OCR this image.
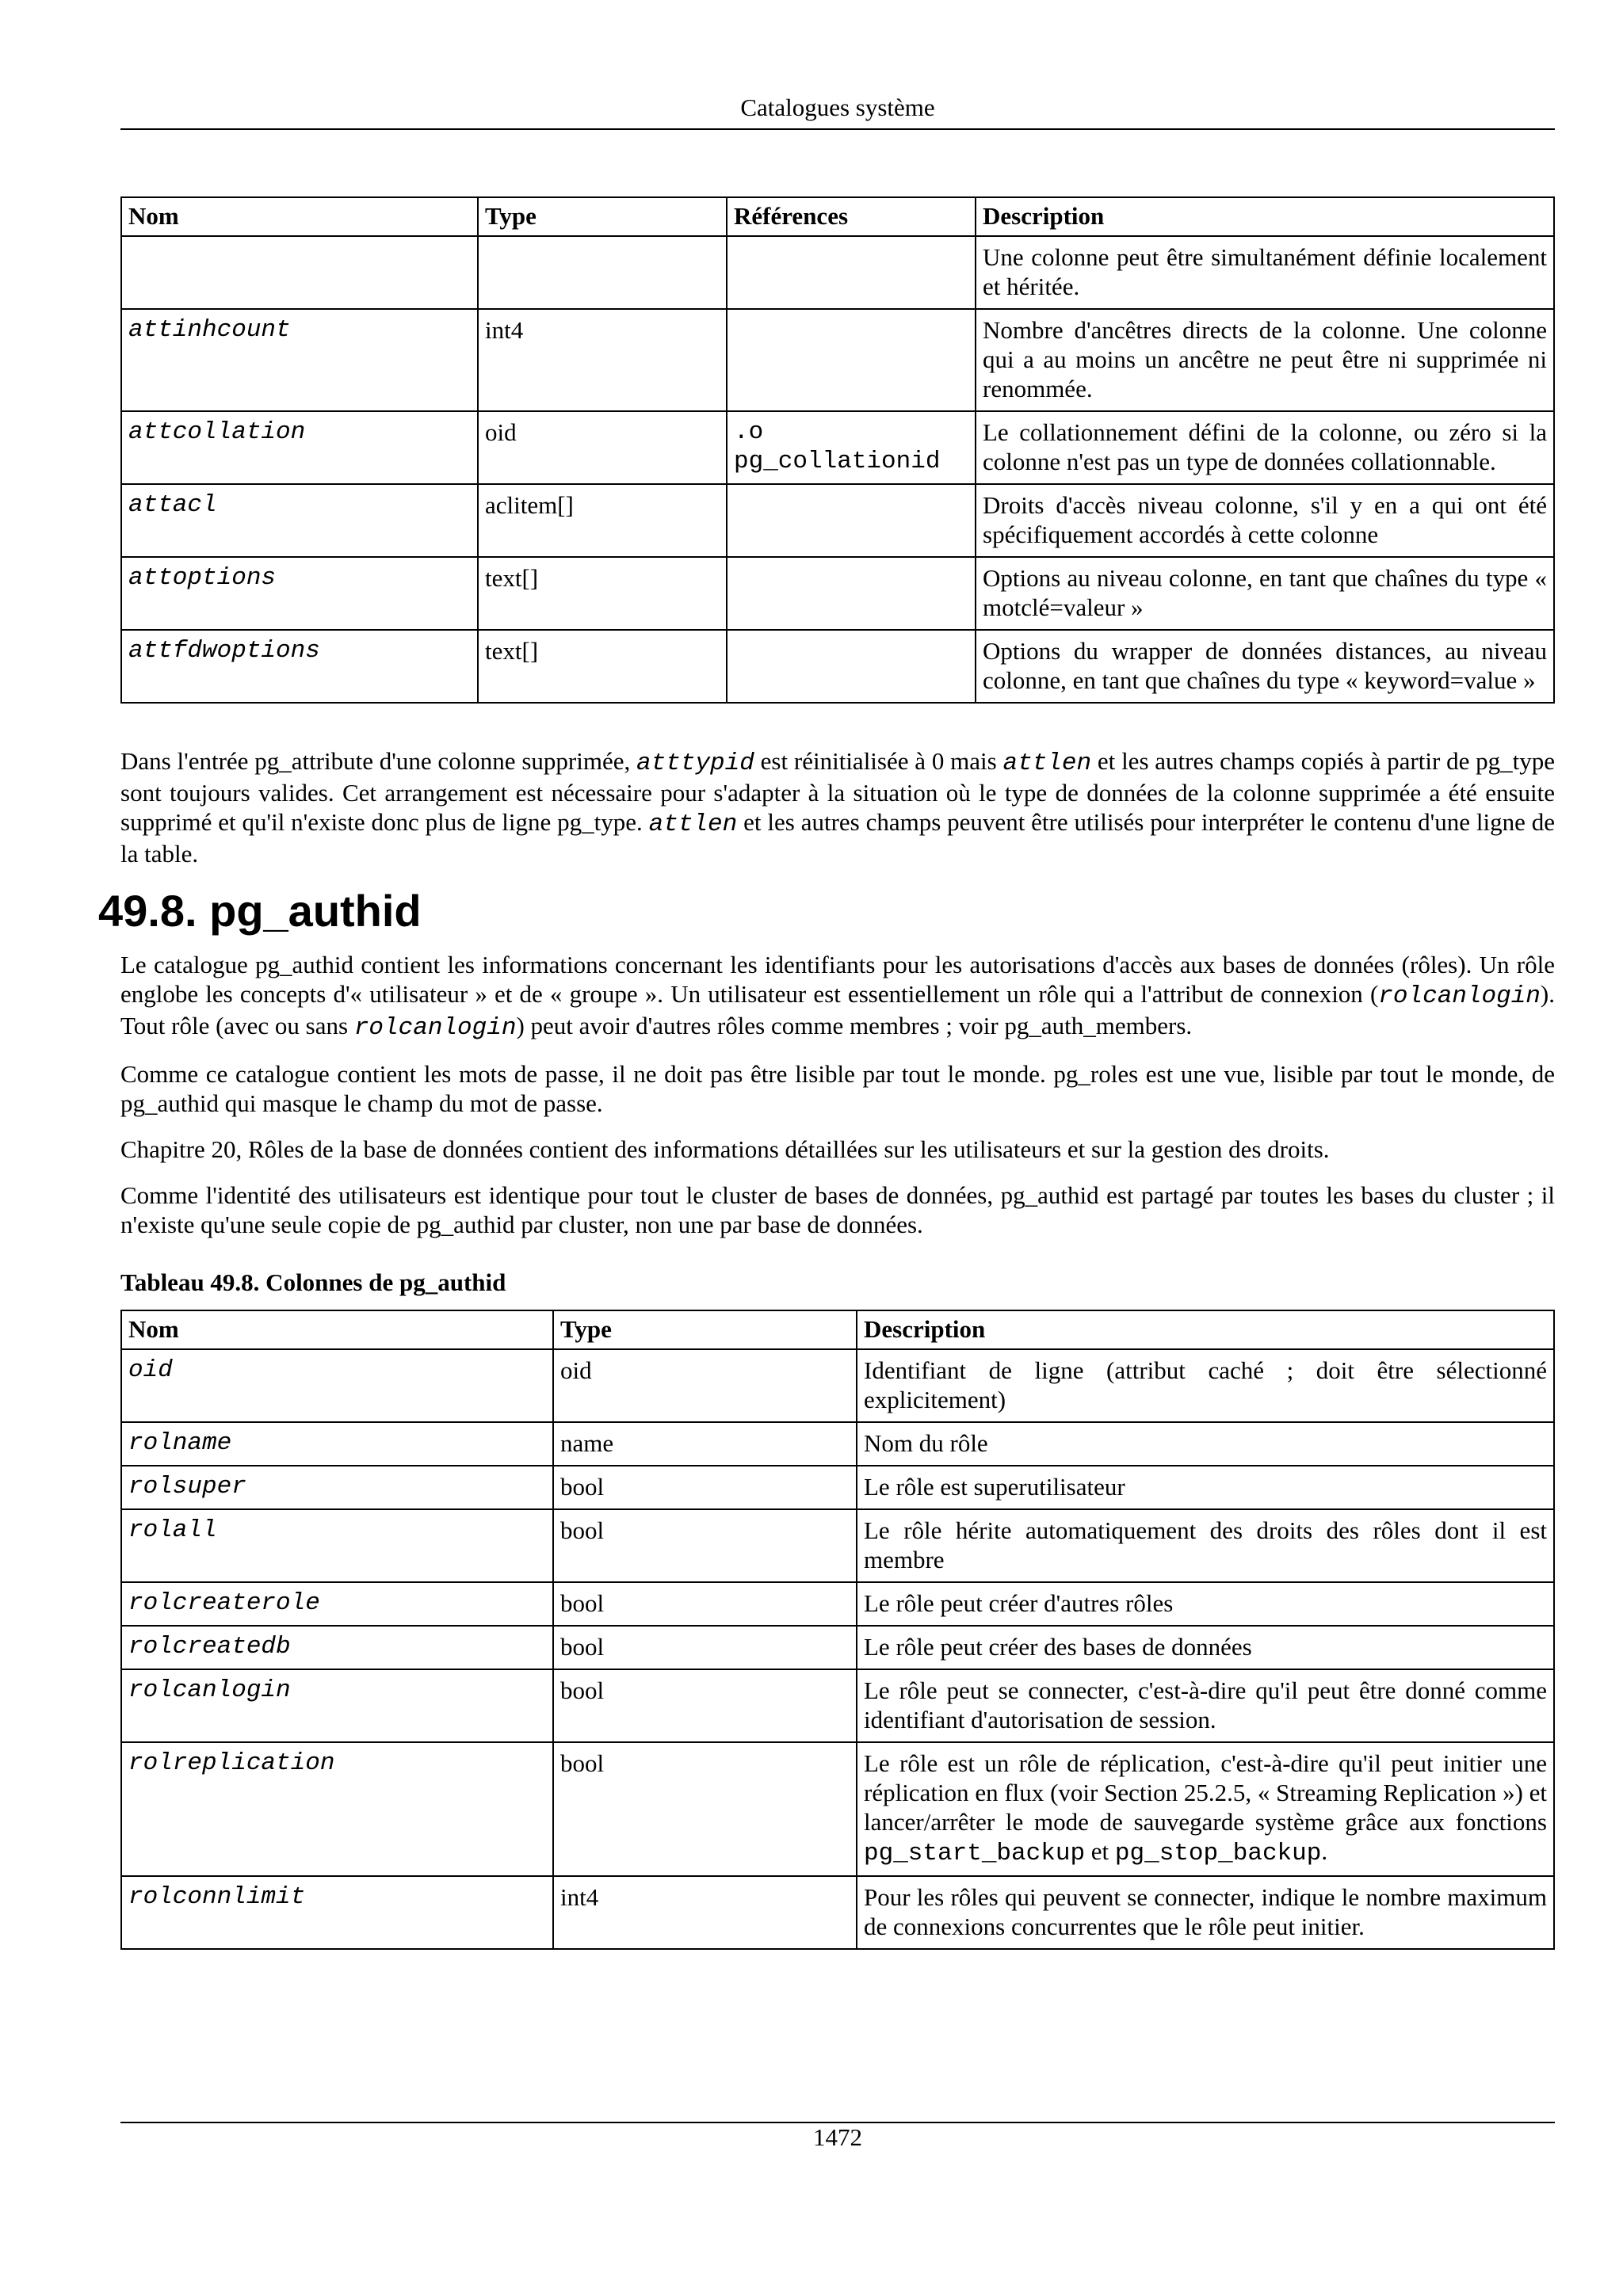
Catalogues système
Nom	Type	Références	Description
			Une colonne peut être simultanément définie localement et héritée.
attinhcount	int4		Nombre d'ancêtres directs de la colonne. Une colonne qui a au moins un ancêtre ne peut être ni supprimée ni renommée.
attcollation	oid	.o pg_collationid	Le collationnement défini de la colonne, ou zéro si la colonne n'est pas un type de données collationnable.
attacl	aclitem[]		Droits d'accès niveau colonne, s'il y en a qui ont été spécifiquement accordés à cette colonne
attoptions	text[]		Options au niveau colonne, en tant que chaînes du type « motclé=valeur »
attfdwoptions	text[]		Options du wrapper de données distances, au niveau colonne, en tant que chaînes du type « keyword=value »

Dans l'entrée pg_attribute d'une colonne supprimée, atttypid est réinitialisée à 0 mais attlen et les autres champs copiés à partir de pg_type sont toujours valides. Cet arrangement est nécessaire pour s'adapter à la situation où le type de données de la colonne supprimée a été ensuite supprimé et qu'il n'existe donc plus de ligne pg_type. attlen et les autres champs peuvent être utilisés pour interpréter le contenu d'une ligne de la table.

49.8. pg_authid

Le catalogue pg_authid contient les informations concernant les identifiants pour les autorisations d'accès aux bases de données (rôles). Un rôle englobe les concepts d'« utilisateur » et de « groupe ». Un utilisateur est essentiellement un rôle qui a l'attribut de connexion (rolcanlogin). Tout rôle (avec ou sans rolcanlogin) peut avoir d'autres rôles comme membres ; voir pg_auth_members.

Comme ce catalogue contient les mots de passe, il ne doit pas être lisible par tout le monde. pg_roles est une vue, lisible par tout le monde, de pg_authid qui masque le champ du mot de passe.

Chapitre 20, Rôles de la base de données contient des informations détaillées sur les utilisateurs et sur la gestion des droits.

Comme l'identité des utilisateurs est identique pour tout le cluster de bases de données, pg_authid est partagé par toutes les bases du cluster ; il n'existe qu'une seule copie de pg_authid par cluster, non une par base de données.

Tableau 49.8. Colonnes de pg_authid
Nom	Type	Description
oid	oid	Identifiant de ligne (attribut caché ; doit être sélectionné explicitement)
rolname	name	Nom du rôle
rolsuper	bool	Le rôle est superutilisateur
rolall	bool	Le rôle hérite automatiquement des droits des rôles dont il est membre
rolcreaterole	bool	Le rôle peut créer d'autres rôles
rolcreatedb	bool	Le rôle peut créer des bases de données
rolcanlogin	bool	Le rôle peut se connecter, c'est-à-dire qu'il peut être donné comme identifiant d'autorisation de session.
rolreplication	bool	Le rôle est un rôle de réplication, c'est-à-dire qu'il peut initier une réplication en flux (voir Section 25.2.5, « Streaming Replication ») et lancer/arrêter le mode de sauvegarde système grâce aux fonctions pg_start_backup et pg_stop_backup.
rolconnlimit	int4	Pour les rôles qui peuvent se connecter, indique le nombre maximum de connexions concurrentes que le rôle peut initier.
1472
